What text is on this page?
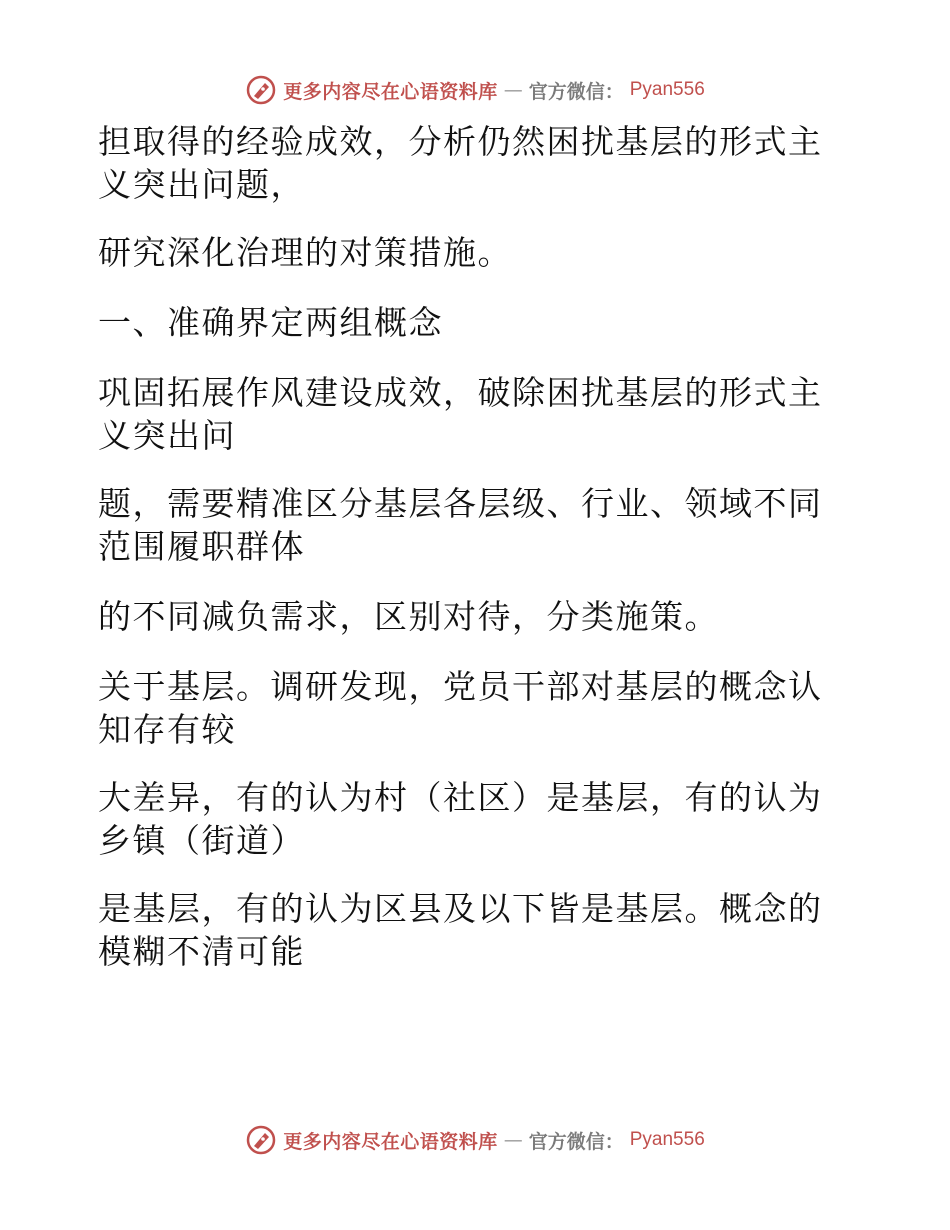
更多内容尽在心语资料库 — 官方微信： Pyan556
担取得的经验成效，分析仍然困扰基层的形式主
义突出问题，
研究深化治理的对策措施。
一、准确界定两组概念
巩固拓展作风建设成效，破除困扰基层的形式主
义突出问
题，需要精准区分基层各层级、行业、领域不同
范围履职群体
的不同减负需求，区别对待，分类施策。
关于基层。调研发现，党员干部对基层的概念认
知存有较
大差异，有的认为村（社区）是基层，有的认为
乡镇（街道）
是基层，有的认为区县及以下皆是基层。概念的
模糊不清可能
更多内容尽在心语资料库 — 官方微信： Pyan556
